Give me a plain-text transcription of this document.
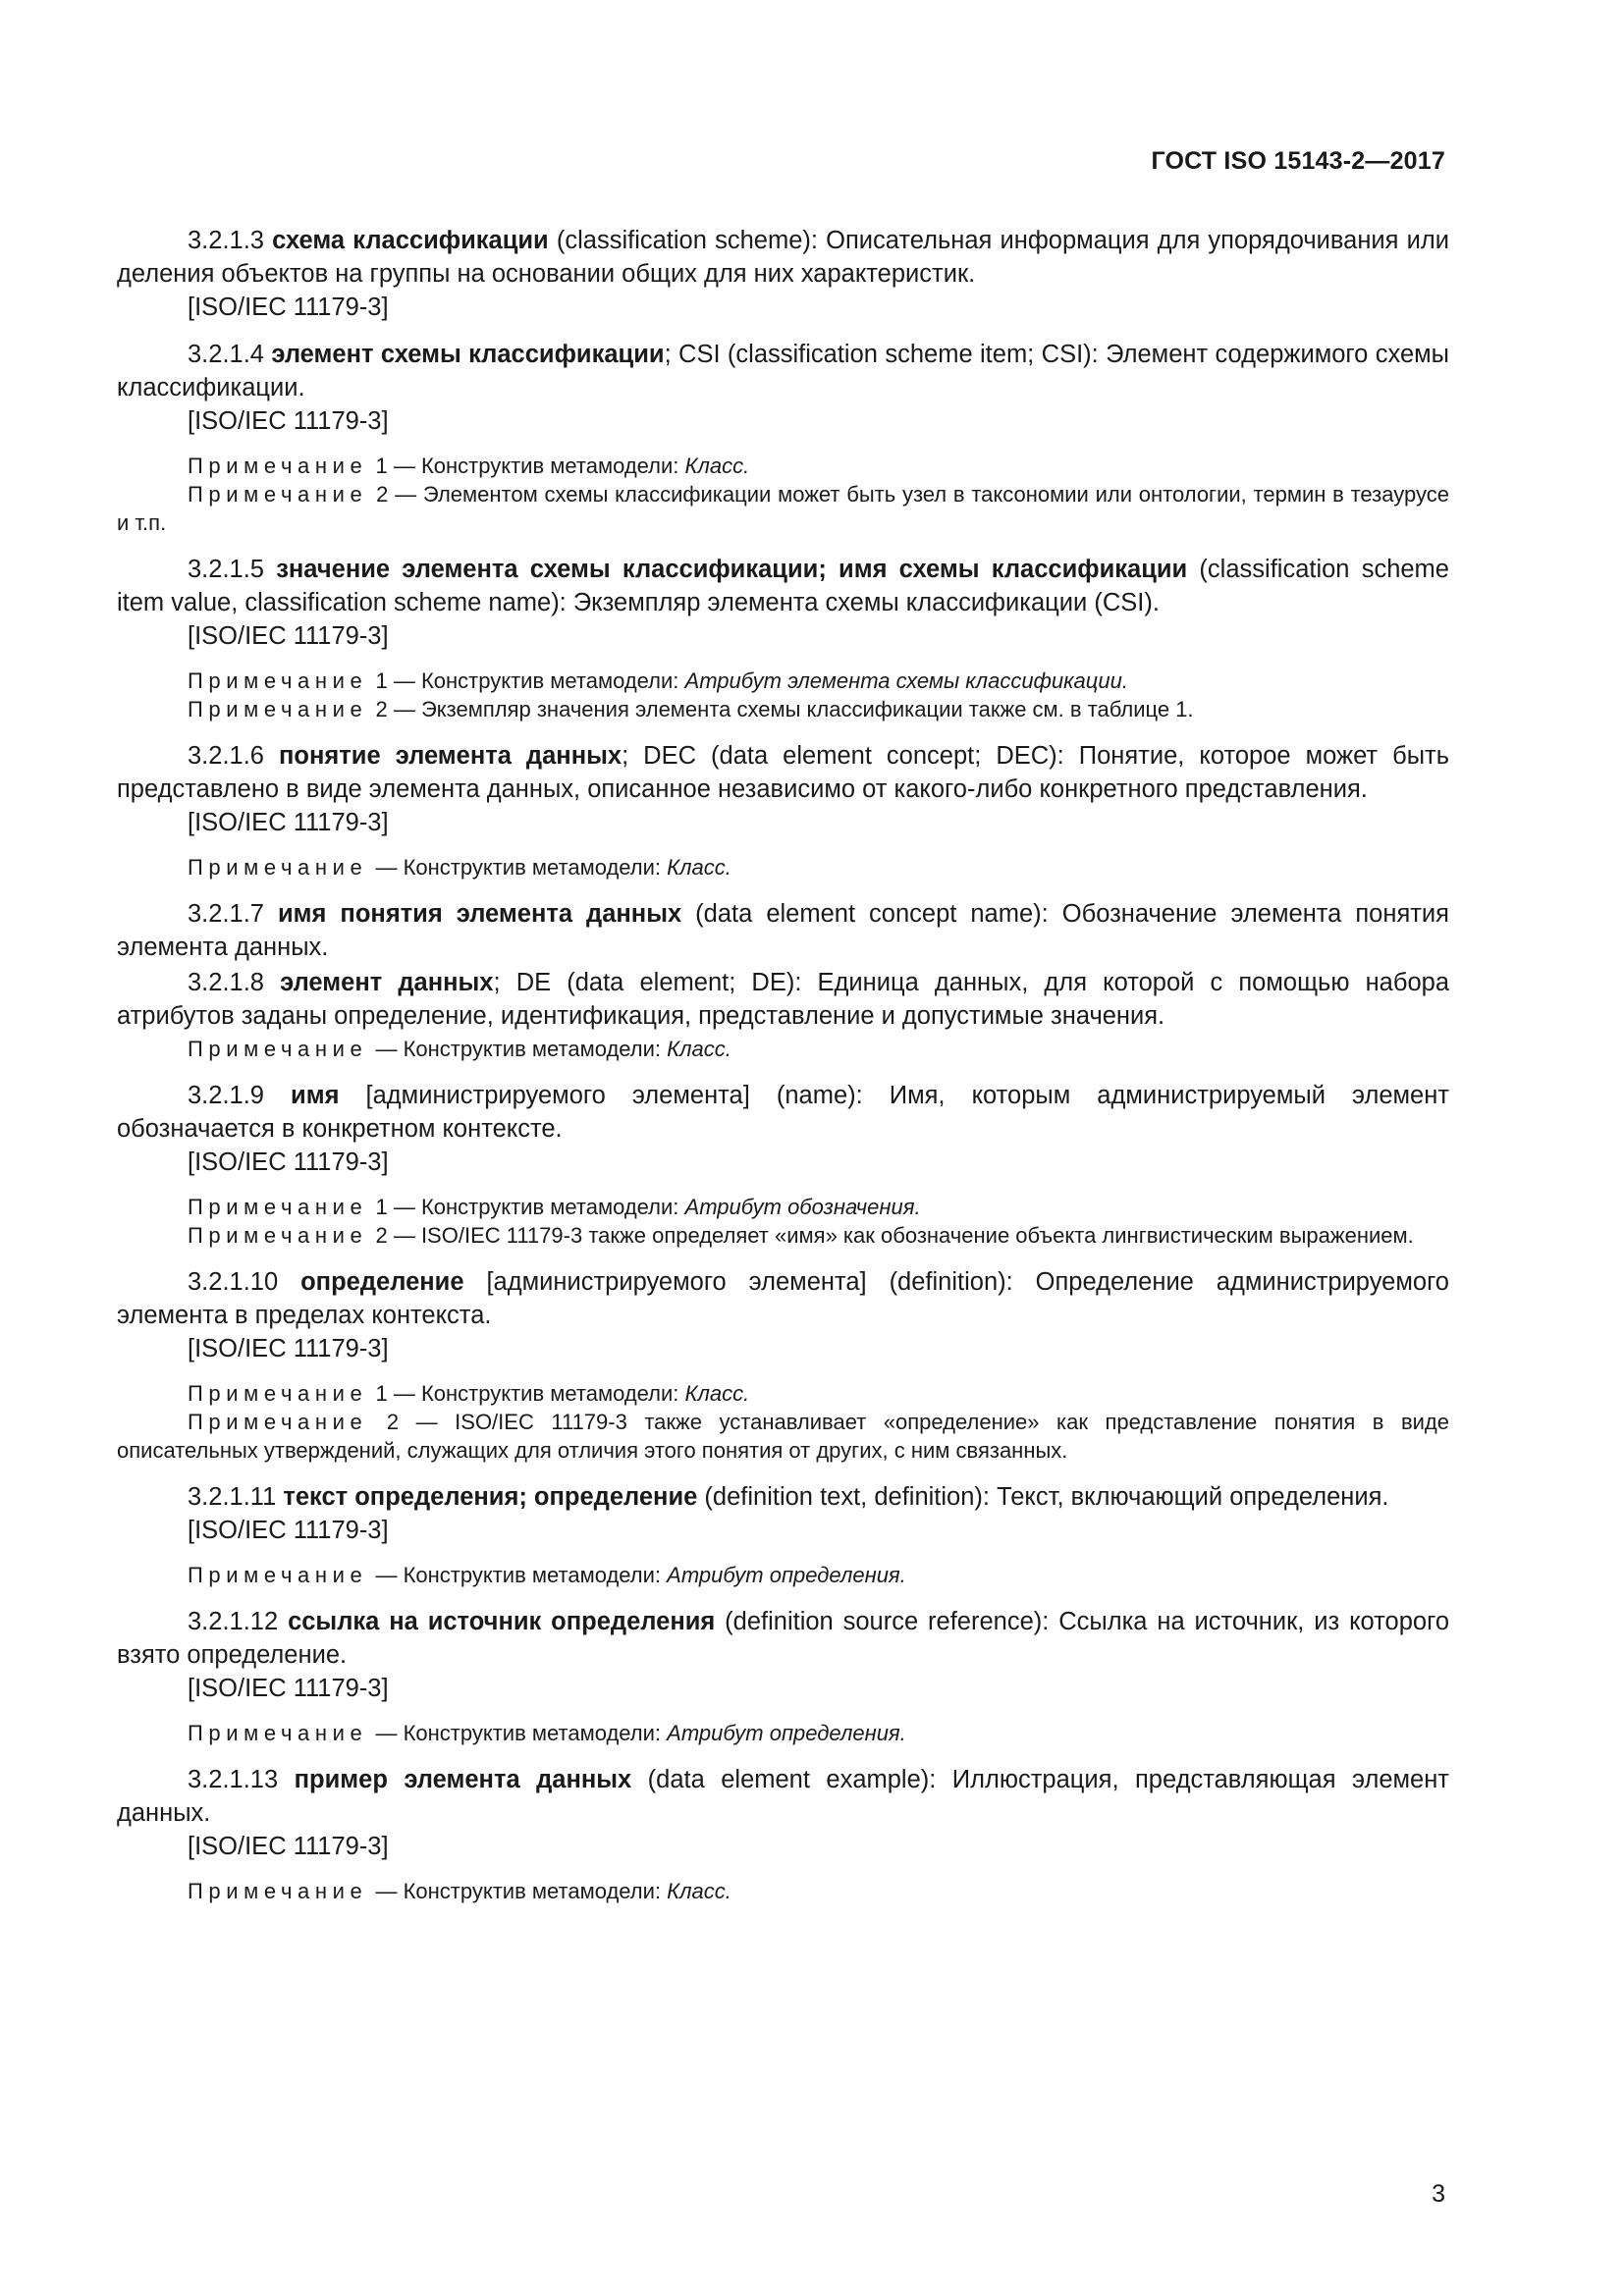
ГОСТ ISO 15143-2—2017

3.2.1.3 схема классификации (classification scheme): Описательная информация для упорядочивания или деления объектов на группы на основании общих для них характеристик.

[ISO/IEC 11179-3]

3.2.1.4 элемент схемы классификации; CSI (classification scheme item; CSI): Элемент содержимого схемы классификации.

[ISO/IEC 11179-3]

Примечание 1 — Конструктив метамодели: Класс.

Примечание 2 — Элементом схемы классификации может быть узел в таксономии или онтологии, термин в тезаурусе и т.п.

3.2.1.5 значение элемента схемы классификации; имя схемы классификации (classification scheme item value, classification scheme name): Экземпляр элемента схемы классификации (CSI).

[ISO/IEC 11179-3]

Примечание 1 — Конструктив метамодели: Атрибут элемента схемы классификации.

Примечание 2 — Экземпляр значения элемента схемы классификации также см. в таблице 1.

3.2.1.6 понятие элемента данных; DEC (data element concept; DEC): Понятие, которое может быть представлено в виде элемента данных, описанное независимо от какого-либо конкретного представления.

[ISO/IEC 11179-3]

Примечание — Конструктив метамодели: Класс.

3.2.1.7 имя понятия элемента данных (data element concept name): Обозначение элемента понятия элемента данных.

3.2.1.8 элемент данных; DE (data element; DE): Единица данных, для которой с помощью набора атрибутов заданы определение, идентификация, представление и допустимые значения.

Примечание — Конструктив метамодели: Класс.

3.2.1.9 имя [администрируемого элемента] (name): Имя, которым администрируемый элемент обозначается в конкретном контексте.

[ISO/IEC 11179-3]

Примечание 1 — Конструктив метамодели: Атрибут обозначения.

Примечание 2 — ISO/IEC 11179-3 также определяет «имя» как обозначение объекта лингвистическим выражением.

3.2.1.10 определение [администрируемого элемента] (definition): Определение администрируемого элемента в пределах контекста.

[ISO/IEC 11179-3]

Примечание 1 — Конструктив метамодели: Класс.

Примечание 2 — ISO/IEC 11179-3 также устанавливает «определение» как представление понятия в виде описательных утверждений, служащих для отличия этого понятия от других, с ним связанных.

3.2.1.11 текст определения; определение (definition text, definition): Текст, включающий определения.

[ISO/IEC 11179-3]

Примечание — Конструктив метамодели: Атрибут определения.

3.2.1.12 ссылка на источник определения (definition source reference): Ссылка на источник, из которого взято определение.

[ISO/IEC 11179-3]

Примечание — Конструктив метамодели: Атрибут определения.

3.2.1.13 пример элемента данных (data element example): Иллюстрация, представляющая элемент данных.

[ISO/IEC 11179-3]

Примечание — Конструктив метамодели: Класс.

3
